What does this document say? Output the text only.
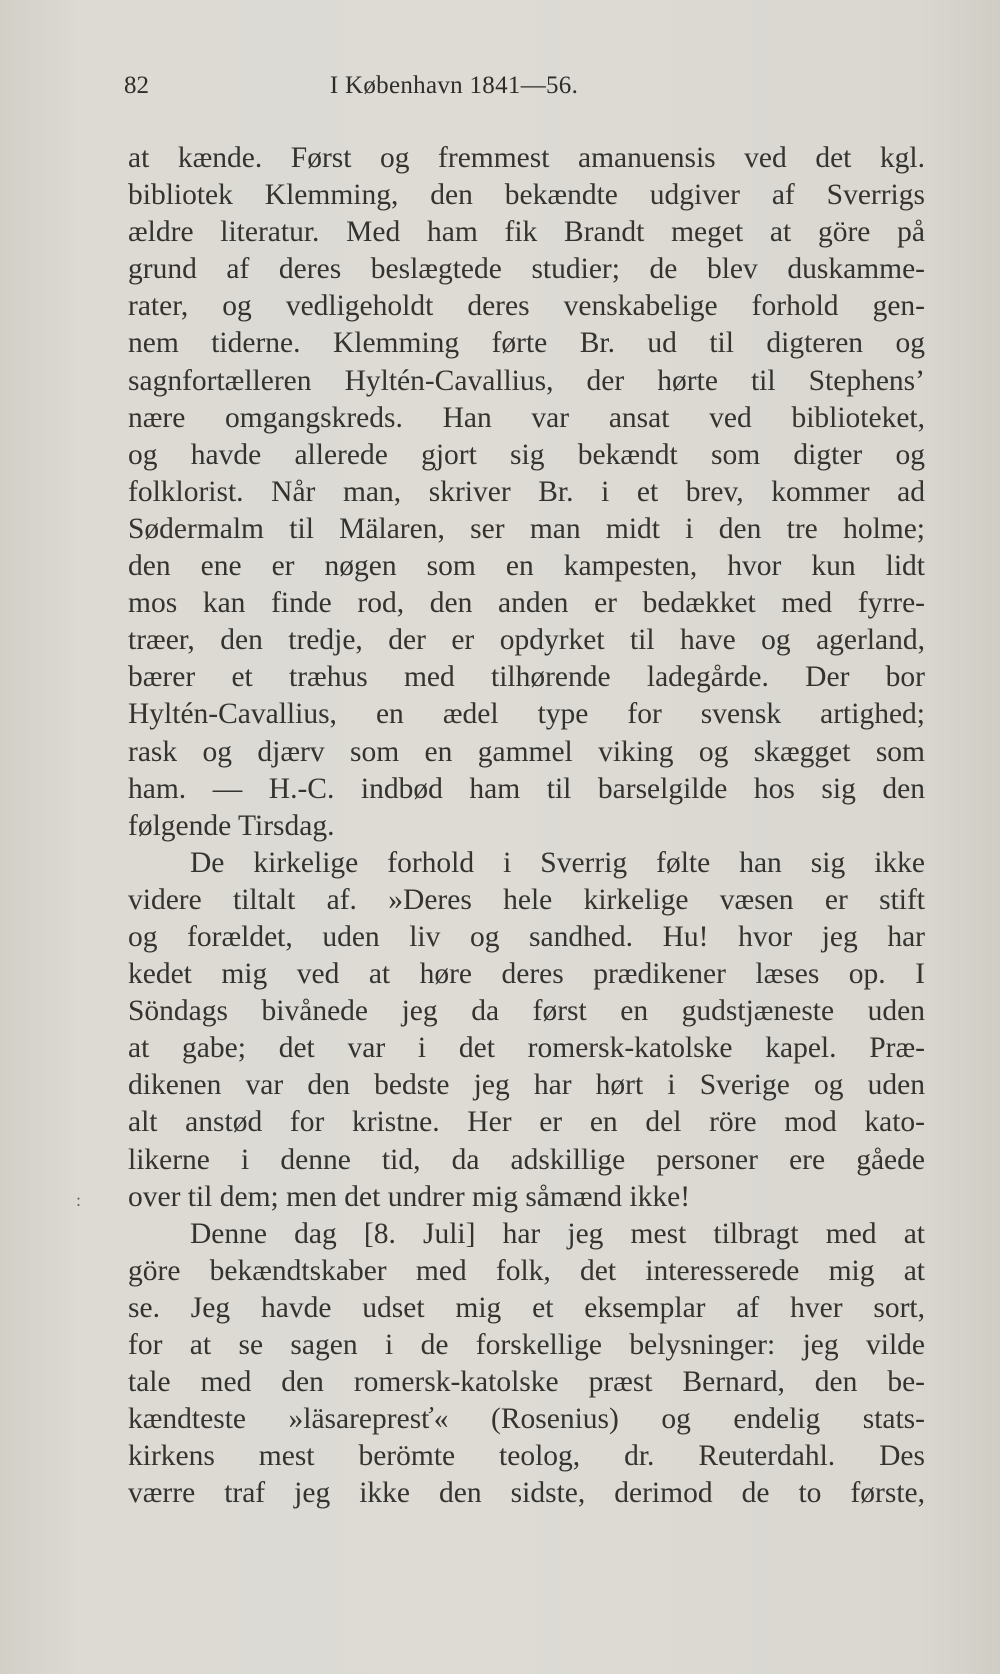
82	I København 1841—56.
at kænde. Først og fremmest amanuensis ved det kgl.
bibliotek Klemming, den bekændte udgiver af Sverrigs
ældre literatur. Med ham fik Brandt meget at göre på
grund af deres beslægtede studier; de blev duskamme-
rater, og vedligeholdt deres venskabelige forhold gen-
nem tiderne. Klemming førte Br. ud til digteren og
sagnfortælleren Hyltén-Cavallius, der hørte til Stephens’
nære omgangskreds. Han var ansat ved biblioteket,
og havde allerede gjort sig bekændt som digter og
folklorist. Når man, skriver Br. i et brev, kommer ad
Sødermalm til Mälaren, ser man midt i den tre holme;
den ene er nøgen som en kampesten, hvor kun lidt
mos kan finde rod, den anden er bedækket med fyrre-
træer, den tredje, der er opdyrket til have og agerland,
bærer et træhus med tilhørende ladegårde. Der bor
Hyltén-Cavallius, en ædel type for svensk artighed;
rask og djærv som en gammel viking og skægget som
ham. — H.-C. indbød ham til barselgilde hos sig den
følgende Tirsdag.
De kirkelige forhold i Sverrig følte han sig ikke
videre tiltalt af. »Deres hele kirkelige væsen er stift
og forældet, uden liv og sandhed. Hu! hvor jeg har
kedet mig ved at høre deres prædikener læses op. I
Söndags bivånede jeg da først en gudstjæneste uden
at gabe; det var i det romersk-katolske kapel. Præ-
dikenen var den bedste jeg har hørt i Sverige og uden
alt anstød for kristne. Her er en del röre mod kato-
likerne i denne tid, da adskillige personer ere gåede
over til dem; men det undrer mig såmænd ikke!
Denne dag [8. Juli] har jeg mest tilbragt med at
göre bekændtskaber med folk, det interesserede mig at
se. Jeg havde udset mig et eksemplar af hver sort,
for at se sagen i de forskellige belysninger: jeg vilde
tale med den romersk-katolske præst Bernard, den be-
kændteste »läsarepresť« (Rosenius) og endelig stats-
kirkens mest berömte teolog, dr. Reuterdahl. Des
værre traf jeg ikke den sidste, derimod de to første,
:
